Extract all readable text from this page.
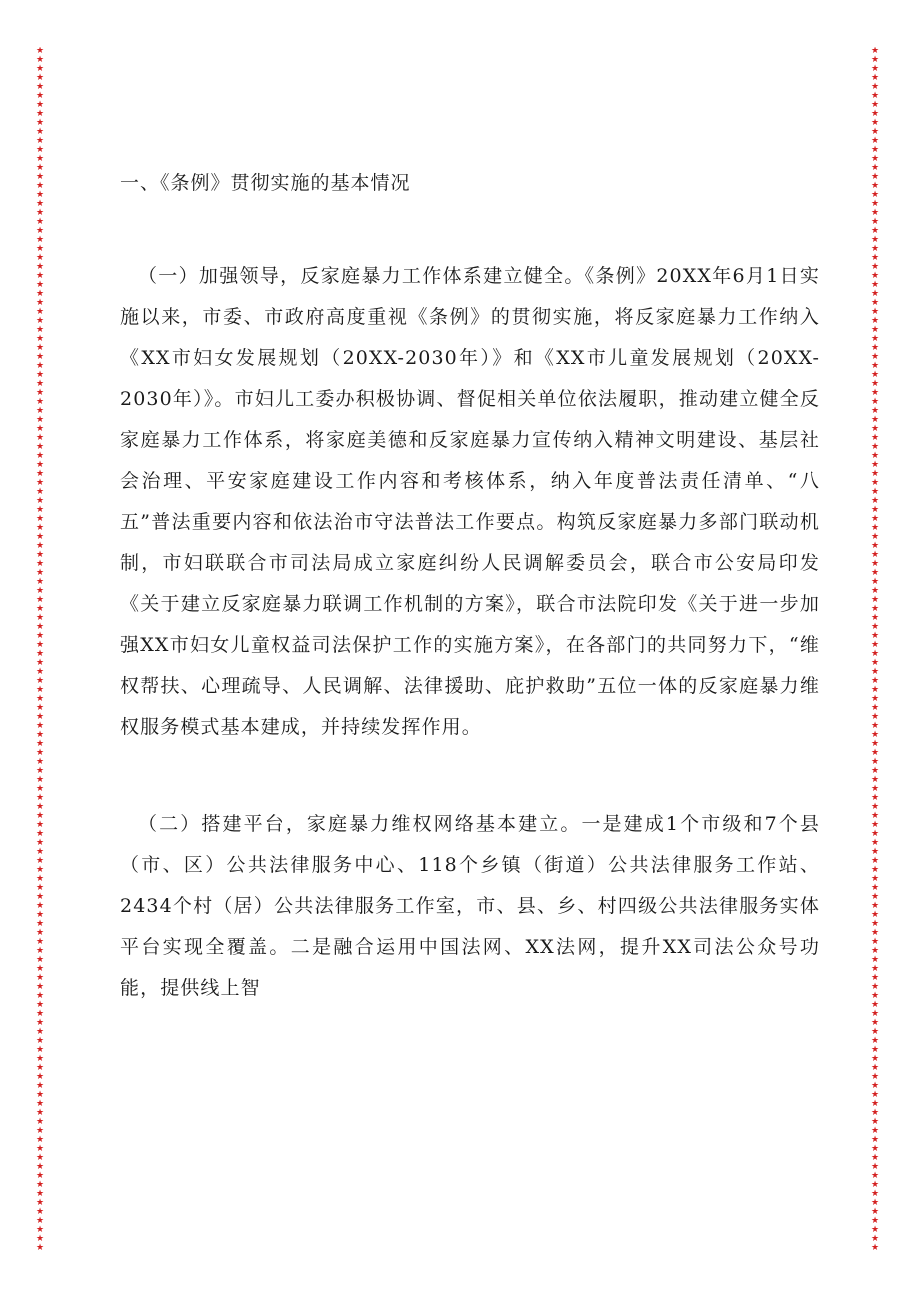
★
★
★
★
★
★
★
★
★
★
★
★
★
★
★
★
★
★
★
★
★
★
★
★
★
★
★
★
★
★
★
★
★
★
★
★
★
★
★
★
★
★
★
★
★
★
★
★
★
★
★
★
★
★
★
★
★
★
★
★
★
★
★
★
★
★
★
★
★
★
★
★
★
★
★
★
★
★
★
★
★
★
★
★
★
★
★
★
★
★
★
★
★
★
★
★
★
★
★
★
★
★
★
★
★
★
★
★
★
★
★
★
★
★
★
★
★
★
★
★
★
★
★
★
★
★
★
★
★
★
★
★
★
★
★
★
★
★
★
★
★
★
★
★
★
★
★
★
★
★
★
★
★
★
★
★
★
★
★
★
★
★
★
★
★
★
★
★
★
★
★
★
★
★
★
★
★
★
★
★
★
★
★
★
★
★
★
★
★
★
★
★
★
★
★
★
★
★
★
★
★
★
★
★
★
★
★
★
★
★
★
★
★
★
★
★
★
★
★
★
★
★
★
★
★
★
★
★
★
★
★
★
★
★
★
★
★
★
★
★
★
★
★
★
★
★
★
★
★
★
★
★
★
★
★
★
★
★
★
★
★
★
★
★
★
★
★
★

一、《条例》贯彻实施的基本情况

（一）加强领导，反家庭暴力工作体系建立健全。《条例》20XX年6月1日实施以来，市委、市政府高度重视《条例》的贯彻实施，将反家庭暴力工作纳入《XX市妇女发展规划（20XX-2030年）》和《XX市儿童发展规划（20XX-2030年）》。市妇儿工委办积极协调、督促相关单位依法履职，推动建立健全反家庭暴力工作体系，将家庭美德和反家庭暴力宣传纳入精神文明建设、基层社会治理、平安家庭建设工作内容和考核体系，纳入年度普法责任清单、“八五”普法重要内容和依法治市守法普法工作要点。构筑反家庭暴力多部门联动机制，市妇联联合市司法局成立家庭纠纷人民调解委员会，联合市公安局印发《关于建立反家庭暴力联调工作机制的方案》，联合市法院印发《关于进一步加强XX市妇女儿童权益司法保护工作的实施方案》，在各部门的共同努力下，“维权帮扶、心理疏导、人民调解、法律援助、庇护救助”五位一体的反家庭暴力维权服务模式基本建成，并持续发挥作用。

（二）搭建平台，家庭暴力维权网络基本建立。一是建成1个市级和7个县（市、区）公共法律服务中心、118个乡镇（街道）公共法律服务工作站、2434个村（居）公共法律服务工作室，市、县、乡、村四级公共法律服务实体平台实现全覆盖。二是融合运用中国法网、XX法网，提升XX司法公众号功能，提供线上智
